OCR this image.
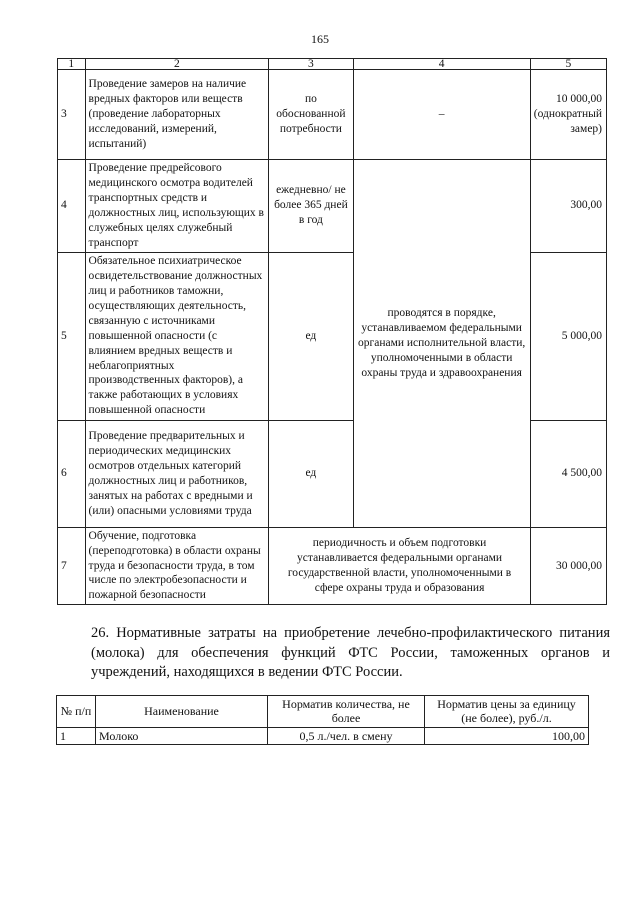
165
1	2	3	4	5
3	Проведение замеров на наличие вредных факторов или веществ (проведение лабораторных исследований, измерений, испытаний)	по обоснованной потребности	–	10 000,00 (однократный замер)
4	Проведение предрейсового медицинского осмотра водителей транспортных средств и должностных лиц, использующих в служебных целях служебный транспорт	ежедневно/ не более 365 дней в год	проводятся в порядке, устанавливаемом федеральными органами исполнительной власти, уполномоченными в области охраны труда и здравоохранения	300,00
5	Обязательное психиатрическое освидетельствование должностных лиц и работников таможни, осуществляющих деятельность, связанную с источниками повышенной опасности (с влиянием вредных веществ и неблагоприятных производственных факторов), а также работающих в условиях повышенной опасности	ед		5 000,00
6	Проведение предварительных и периодических медицинских осмотров отдельных категорий должностных лиц и работников, занятых на работах с вредными и (или) опасными условиями труда	ед		4 500,00
7	Обучение, подготовка (переподготовка) в области охраны труда и безопасности труда, в том числе по электробезопасности и пожарной безопасности	периодичность и объем подготовки устанавливается федеральными органами государственной власти, уполномоченными в сфере охраны труда и образования		30 000,00
26. Нормативные затраты на приобретение лечебно-профилактического питания (молока) для обеспечения функций ФТС России, таможенных органов и учреждений, находящихся в ведении ФТС России.
№ п/п	Наименование	Норматив количества, не более	Норматив цены за единицу (не более), руб./л.
1	Молоко	0,5 л./чел. в смену	100,00
